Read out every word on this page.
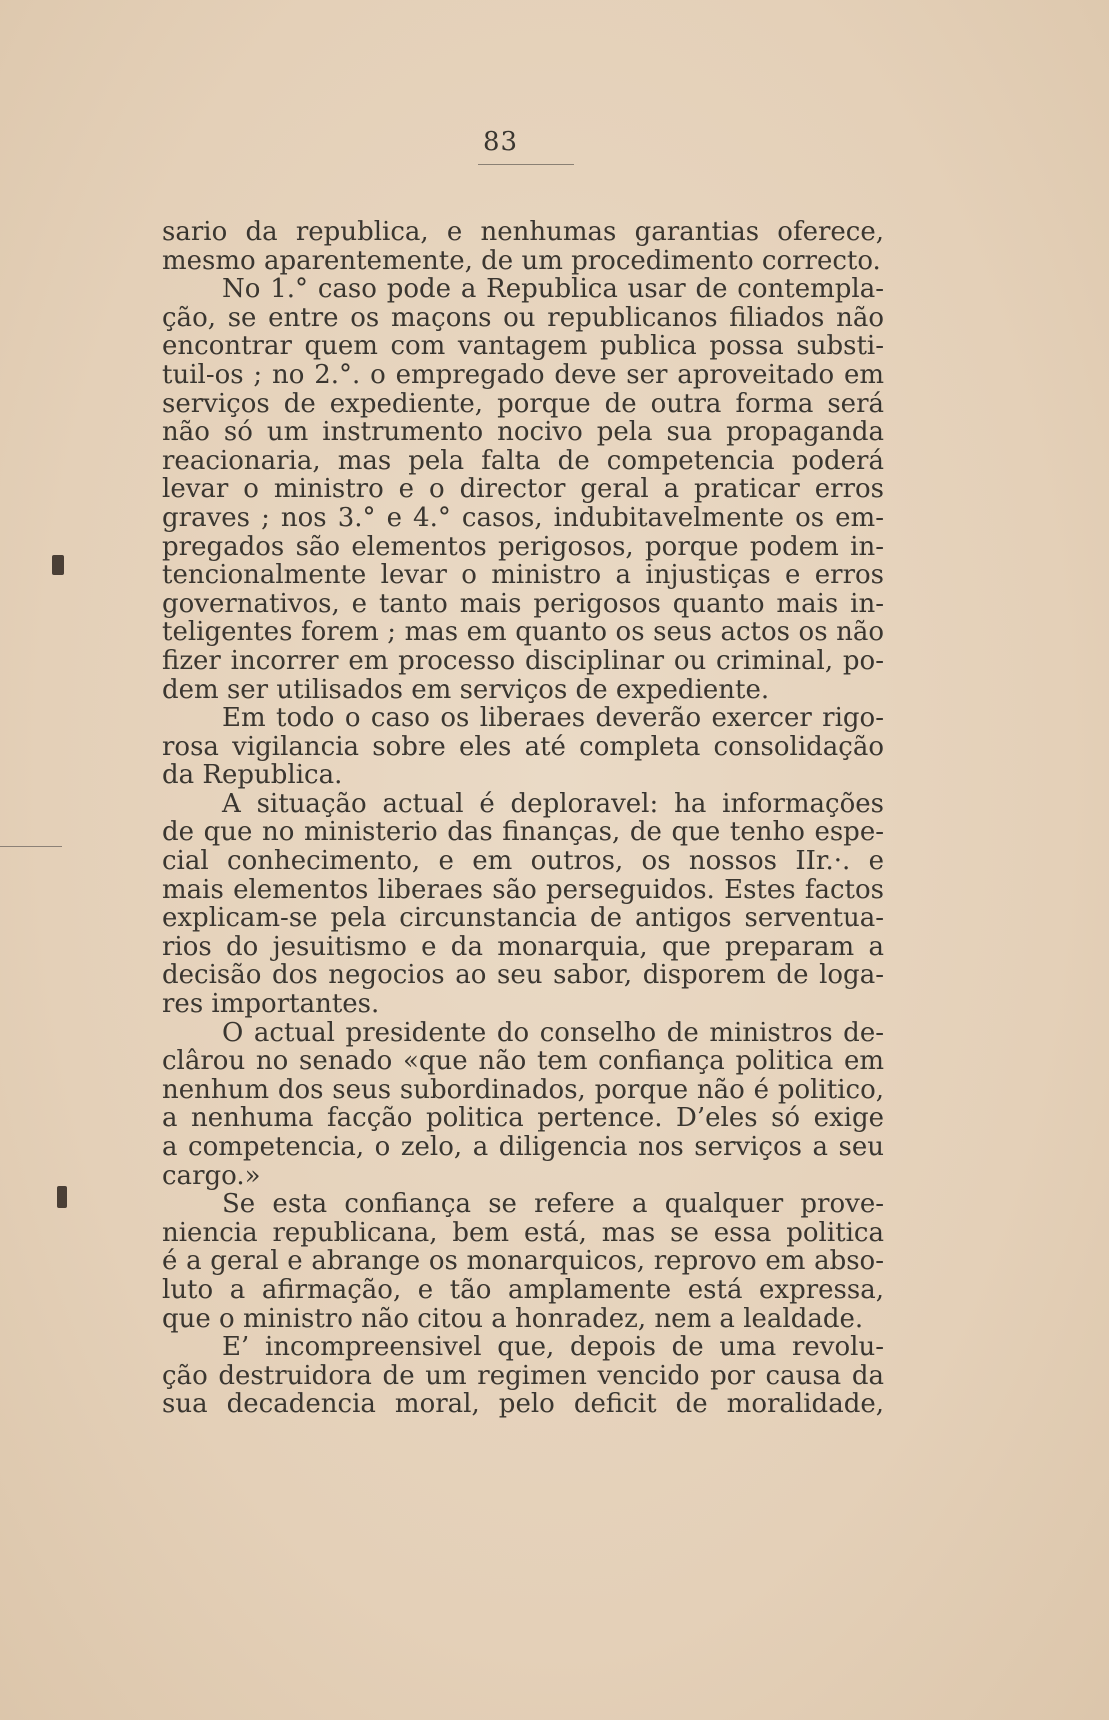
83
sario da republica, e nenhumas garantias oferece,
mesmo aparentemente, de um procedimento correcto.
No 1.° caso pode a Republica usar de contempla-
ção, se entre os maçons ou republicanos filiados não
encontrar quem com vantagem publica possa substi-
tuil-os ; no 2.°. o empregado deve ser aproveitado em
serviços de expediente, porque de outra forma será
não só um instrumento nocivo pela sua propaganda
reacionaria, mas pela falta de competencia poderá
levar o ministro e o director geral a praticar erros
graves ; nos 3.° e 4.° casos, indubitavelmente os em-
pregados são elementos perigosos, porque podem in-
tencionalmente levar o ministro a injustiças e erros
governativos, e tanto mais perigosos quanto mais in-
teligentes forem ; mas em quanto os seus actos os não
fizer incorrer em processo disciplinar ou criminal, po-
dem ser utilisados em serviços de expediente.
Em todo o caso os liberaes deverão exercer rigo-
rosa vigilancia sobre eles até completa consolidação
da Republica.
A situação actual é deploravel: ha informações
de que no ministerio das finanças, de que tenho espe-
cial conhecimento, e em outros, os nossos IIr.·. e
mais elementos liberaes são perseguidos. Estes factos
explicam-se pela circunstancia de antigos serventua-
rios do jesuitismo e da monarquia, que preparam a
decisão dos negocios ao seu sabor, disporem de loga-
res importantes.
O actual presidente do conselho de ministros de-
clârou no senado «que não tem confiança politica em
nenhum dos seus subordinados, porque não é politico,
a nenhuma facção politica pertence. D’eles só exige
a competencia, o zelo, a diligencia nos serviços a seu
cargo.»
Se esta confiança se refere a qualquer prove-
niencia republicana, bem está, mas se essa politica
é a geral e abrange os monarquicos, reprovo em abso-
luto a afirmação, e tão amplamente está expressa,
que o ministro não citou a honradez, nem a lealdade.
E’ incompreensivel que, depois de uma revolu-
ção destruidora de um regimen vencido por causa da
sua decadencia moral, pelo deficit de moralidade,
